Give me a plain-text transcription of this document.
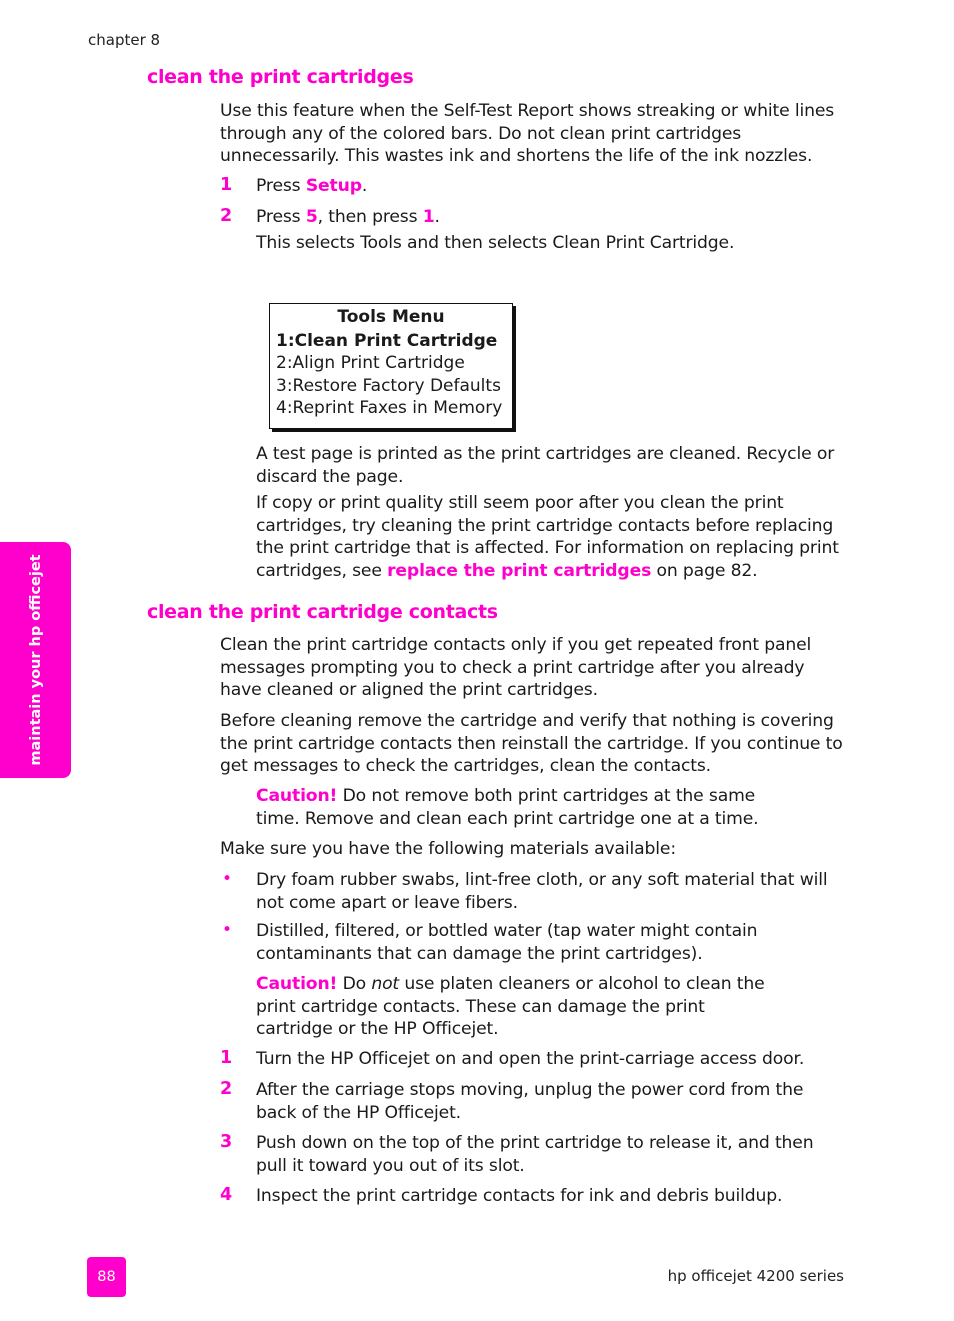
chapter 8
clean the print cartridges
Use this feature when the Self-Test Report shows streaking or white lines through any of the colored bars. Do not clean print cartridges unnecessarily. This wastes ink and shortens the life of the ink nozzles.
1 Press Setup.
2 Press 5, then press 1.
This selects Tools and then selects Clean Print Cartridge.
Tools Menu
1:Clean Print Cartridge
2:Align Print Cartridge
3:Restore Factory Defaults
4:Reprint Faxes in Memory
A test page is printed as the print cartridges are cleaned. Recycle or discard the page.
If copy or print quality still seem poor after you clean the print cartridges, try cleaning the print cartridge contacts before replacing the print cartridge that is affected. For information on replacing print cartridges, see replace the print cartridges on page 82.
clean the print cartridge contacts
Clean the print cartridge contacts only if you get repeated front panel messages prompting you to check a print cartridge after you already have cleaned or aligned the print cartridges.
Before cleaning remove the cartridge and verify that nothing is covering the print cartridge contacts then reinstall the cartridge. If you continue to get messages to check the cartridges, clean the contacts.
Caution! Do not remove both print cartridges at the same time. Remove and clean each print cartridge one at a time.
Make sure you have the following materials available:
• Dry foam rubber swabs, lint-free cloth, or any soft material that will not come apart or leave fibers.
• Distilled, filtered, or bottled water (tap water might contain contaminants that can damage the print cartridges).
Caution! Do not use platen cleaners or alcohol to clean the print cartridge contacts. These can damage the print cartridge or the HP Officejet.
1 Turn the HP Officejet on and open the print-carriage access door.
2 After the carriage stops moving, unplug the power cord from the back of the HP Officejet.
3 Push down on the top of the print cartridge to release it, and then pull it toward you out of its slot.
4 Inspect the print cartridge contacts for ink and debris buildup.
maintain your hp officejet
88	hp officejet 4200 series
